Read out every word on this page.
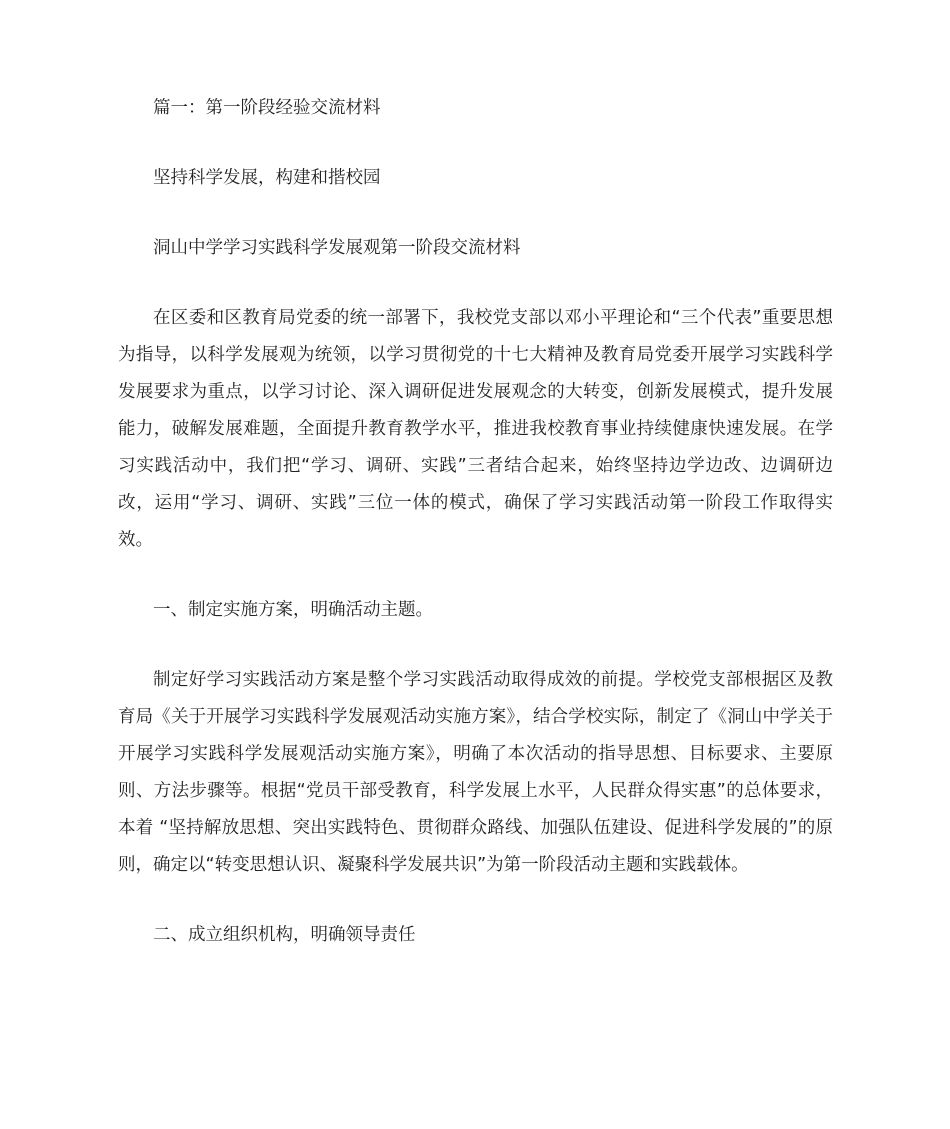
篇一：第一阶段经验交流材料

坚持科学发展，构建和揩校园

洞山中学学习实践科学发展观第一阶段交流材料

在区委和区教育局党委的统一部署下，我校党支部以邓小平理论和“三个代表”重要思想为指导，以科学发展观为统领，以学习贯彻党的十七大精神及教育局党委开展学习实践科学发展要求为重点，以学习讨论、深入调研促进发展观念的大转变，创新发展模式，提升发展能力，破解发展难题，全面提升教育教学水平，推进我校教育事业持续健康快速发展。在学习实践活动中，我们把“学习、调研、实践”三者结合起来，始终坚持边学边改、边调研边改，运用“学习、调研、实践”三位一体的模式，确保了学习实践活动第一阶段工作取得实效。

一、制定实施方案，明确活动主题。

制定好学习实践活动方案是整个学习实践活动取得成效的前提。学校党支部根据区及教育局《关于开展学习实践科学发展观活动实施方案》，结合学校实际，制定了《洞山中学关于开展学习实践科学发展观活动实施方案》，明确了本次活动的指导思想、目标要求、主要原则、方法步骤等。根据“党员干部受教育，科学发展上水平，人民群众得实惠”的总体要求，本着 “坚持解放思想、突出实践特色、贯彻群众路线、加强队伍建设、促进科学发展的”的原则，确定以“转变思想认识、凝聚科学发展共识”为第一阶段活动主题和实践载体。

二、成立组织机构，明确领导责任
